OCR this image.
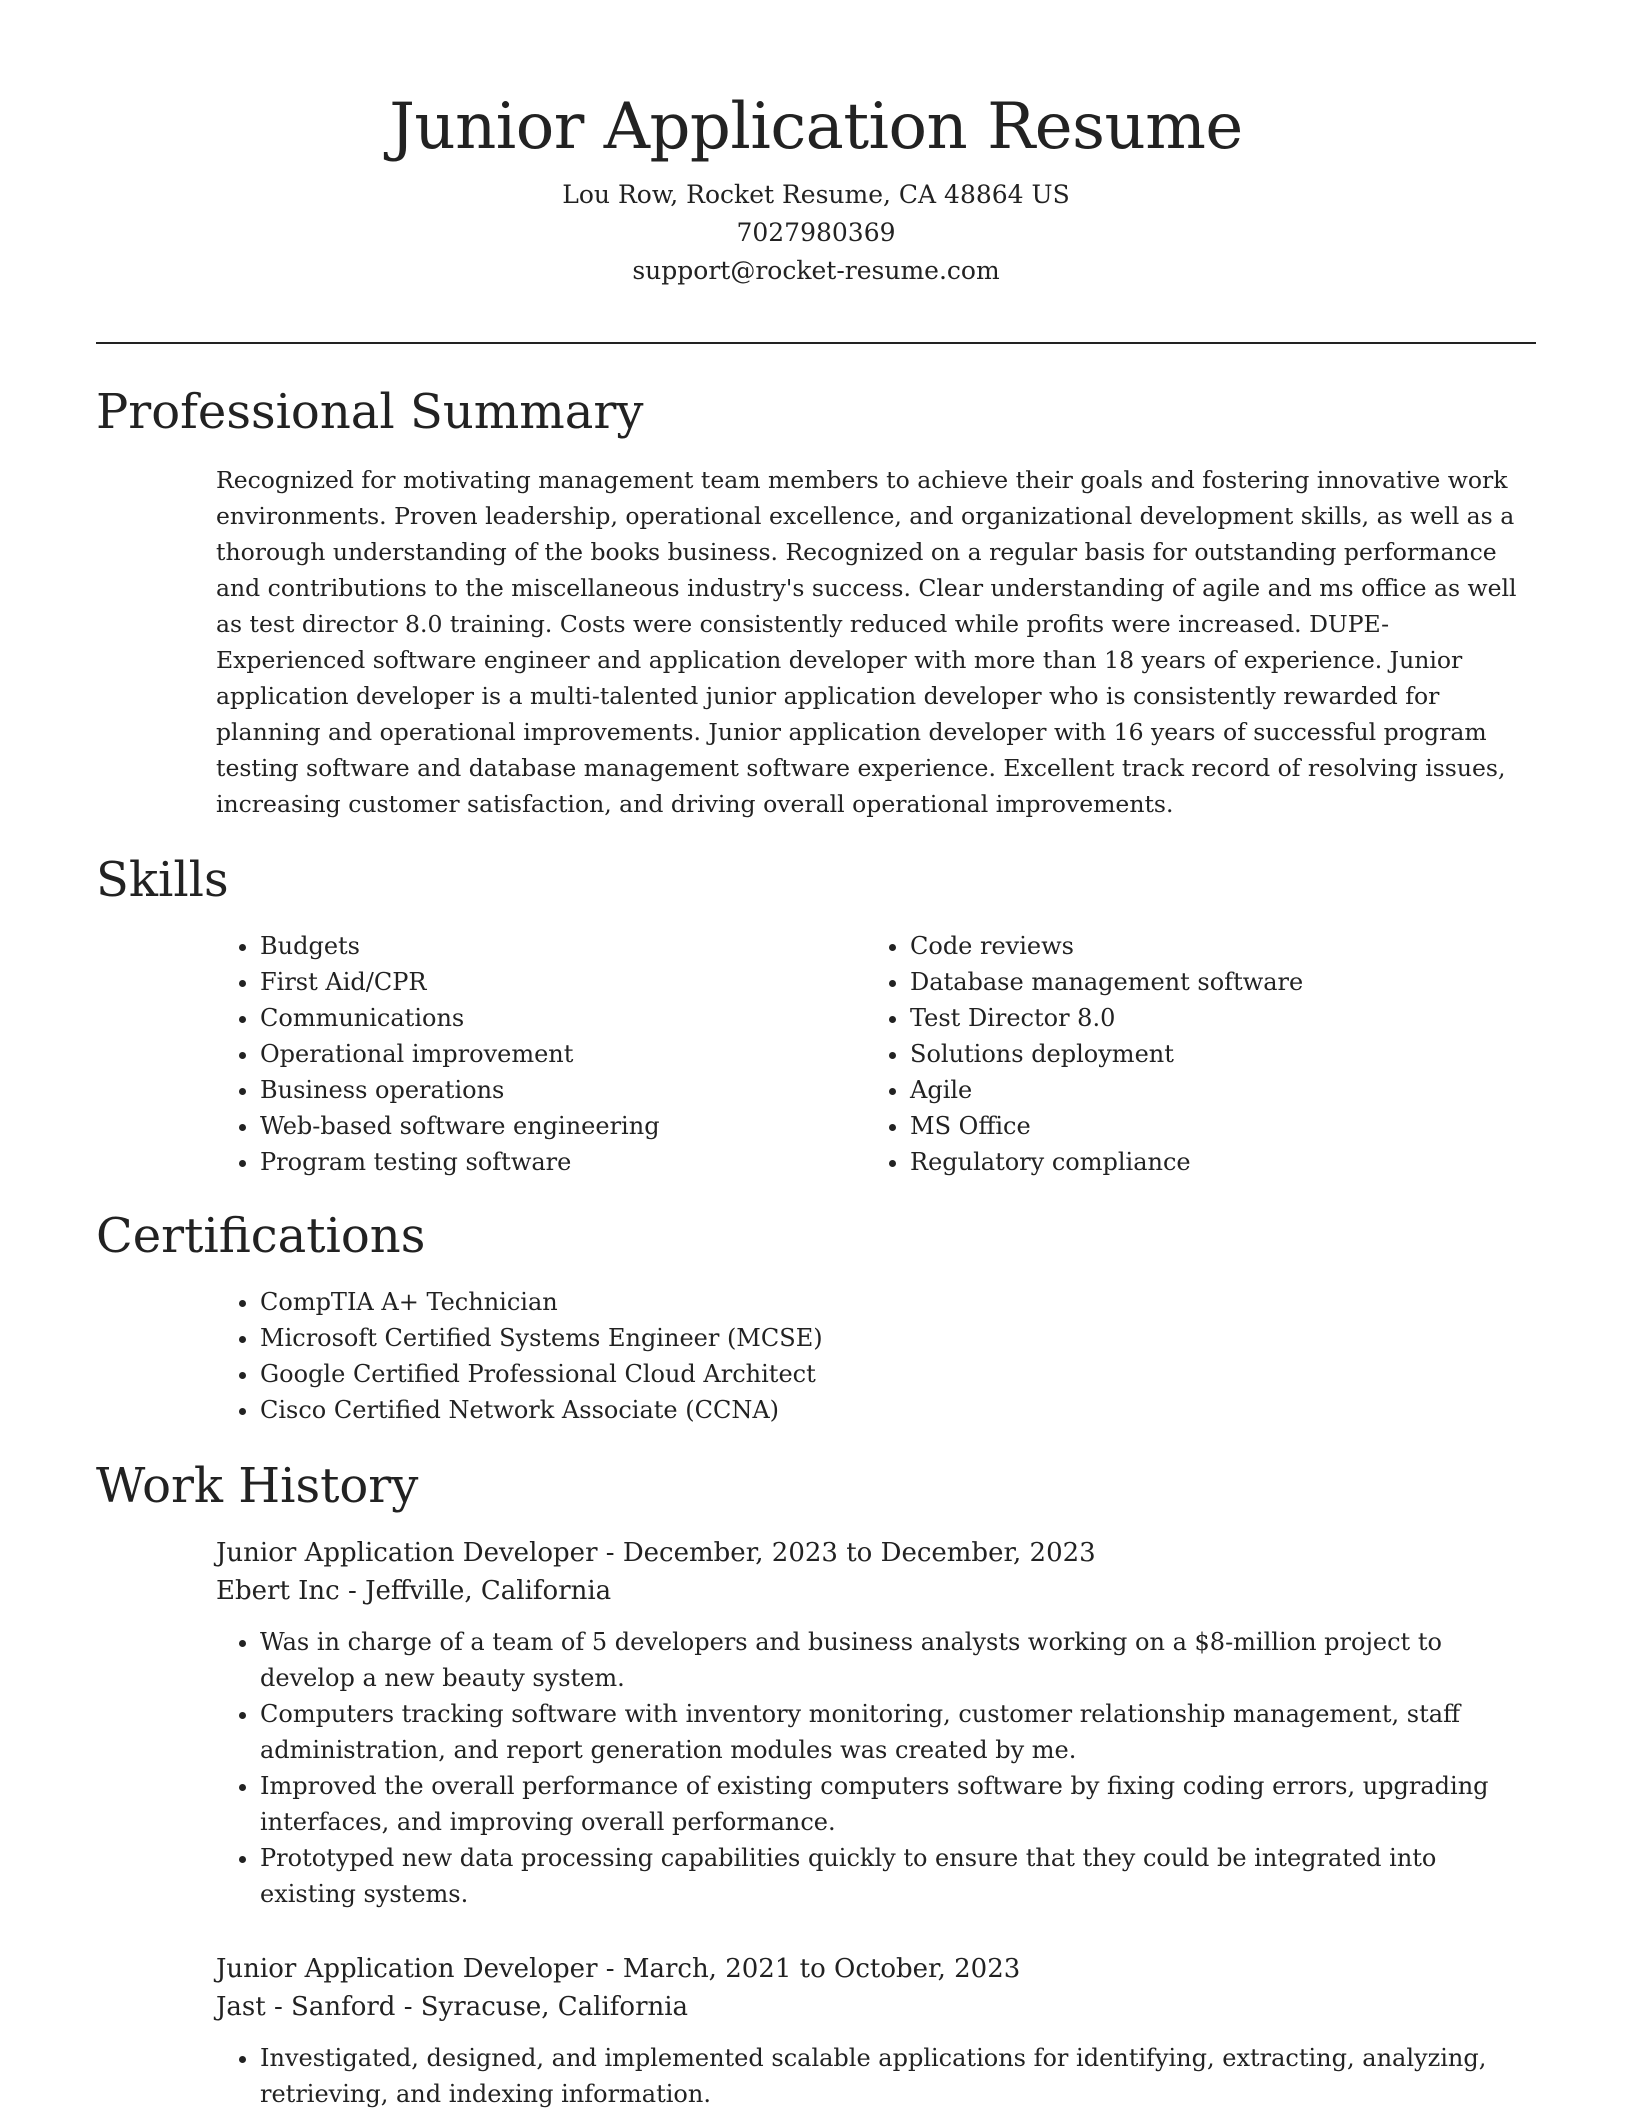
Junior Application Resume

Lou Row, Rocket Resume, CA 48864 US

7027980369

support@rocket-resume.com

Professional Summary

Recognized for motivating management team members to achieve their goals and fostering innovative work environments. Proven leadership, operational excellence, and organizational development skills, as well as a thorough understanding of the books business. Recognized on a regular basis for outstanding performance and contributions to the miscellaneous industry's success. Clear understanding of agile and ms office as well as test director 8.0 training. Costs were consistently reduced while profits were increased. DUPE- Experienced software engineer and application developer with more than 18 years of experience. Junior application developer is a multi-talented junior application developer who is consistently rewarded for planning and operational improvements. Junior application developer with 16 years of successful program testing software and database management software experience. Excellent track record of resolving issues, increasing customer satisfaction, and driving overall operational improvements.

Skills
• Budgets
• First Aid/CPR
• Communications
• Operational improvement
• Business operations
• Web-based software engineering
• Program testing software
• Code reviews
• Database management software
• Test Director 8.0
• Solutions deployment
• Agile
• MS Office
• Regulatory compliance
Certifications
• CompTIA A+ Technician
• Microsoft Certified Systems Engineer (MCSE)
• Google Certified Professional Cloud Architect
• Cisco Certified Network Associate (CCNA)
Work History

Junior Application Developer - December, 2023 to December, 2023

Ebert Inc - Jeffville, California

• Was in charge of a team of 5 developers and business analysts working on a $8-million project to develop a new beauty system.
• Computers tracking software with inventory monitoring, customer relationship management, staff administration, and report generation modules was created by me.
• Improved the overall performance of existing computers software by fixing coding errors, upgrading interfaces, and improving overall performance.
• Prototyped new data processing capabilities quickly to ensure that they could be integrated into existing systems.

Junior Application Developer - March, 2021 to October, 2023

Jast - Sanford - Syracuse, California

• Investigated, designed, and implemented scalable applications for identifying, extracting, analyzing, retrieving, and indexing information.
